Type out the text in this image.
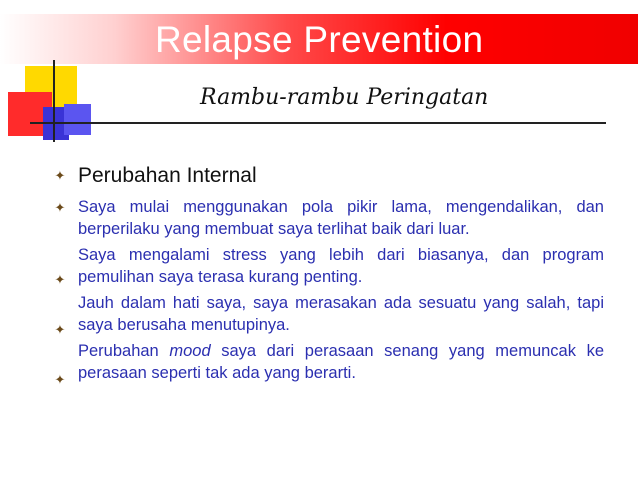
Relapse Prevention
Rambu-rambu Peringatan
✦ Perubahan Internal
Saya mulai menggunakan pola pikir lama, mengendalikan, dan berperilaku yang membuat saya terlihat baik dari luar.
Saya mengalami stress yang lebih dari biasanya, dan program pemulihan saya terasa kurang penting.
Jauh dalam hati saya, saya merasakan ada sesuatu yang salah, tapi saya berusaha menutupinya.
Perubahan mood saya dari perasaan senang yang memuncak ke perasaan seperti tak ada yang berarti.
✦
✦
✦
✦
